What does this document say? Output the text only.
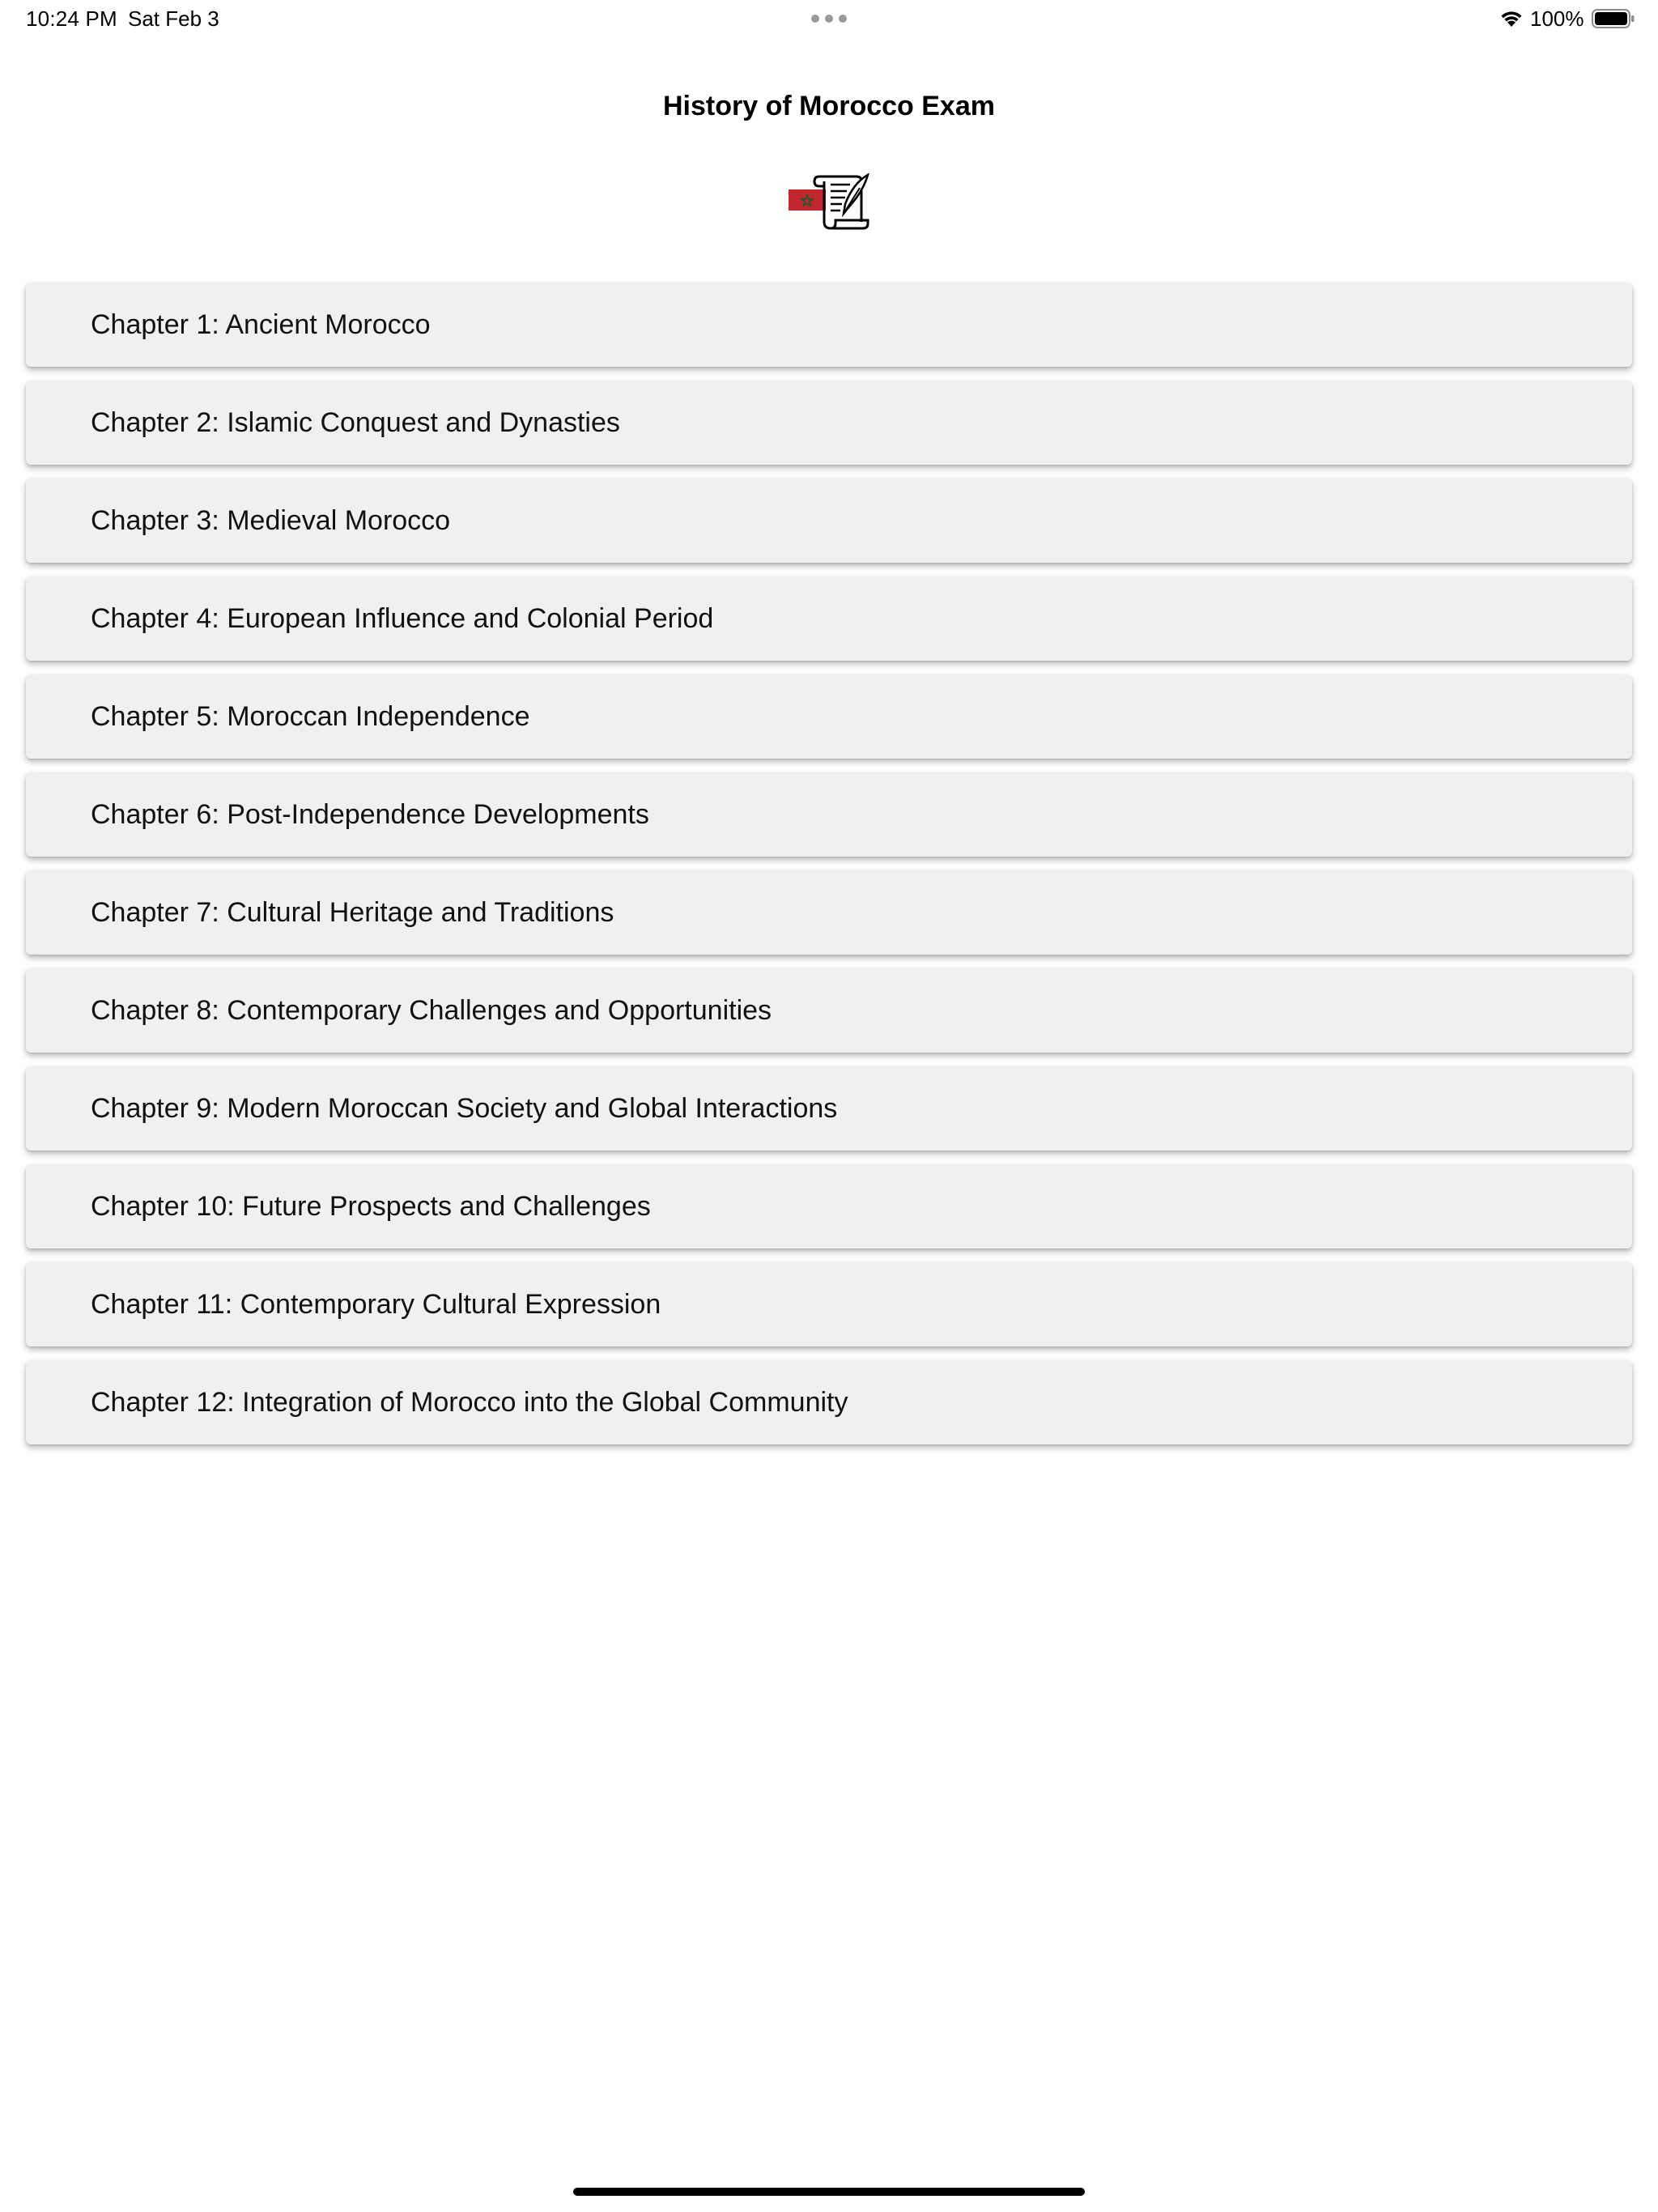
10:24 PM Sat Feb 3	100%
History of Morocco Exam
Chapter 1: Ancient Morocco
Chapter 2: Islamic Conquest and Dynasties
Chapter 3: Medieval Morocco
Chapter 4: European Influence and Colonial Period
Chapter 5: Moroccan Independence
Chapter 6: Post-Independence Developments
Chapter 7: Cultural Heritage and Traditions
Chapter 8: Contemporary Challenges and Opportunities
Chapter 9: Modern Moroccan Society and Global Interactions
Chapter 10: Future Prospects and Challenges
Chapter 11: Contemporary Cultural Expression
Chapter 12: Integration of Morocco into the Global Community
